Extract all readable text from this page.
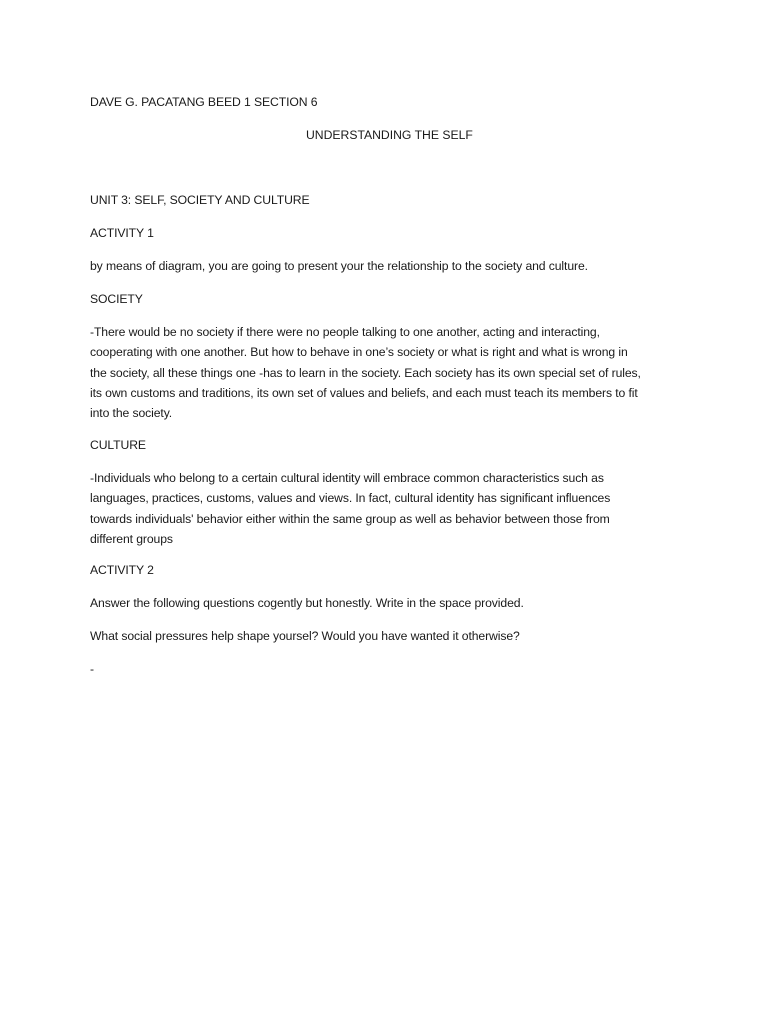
DAVE G. PACATANG BEED 1 SECTION 6
UNDERSTANDING THE SELF
UNIT 3: SELF, SOCIETY AND CULTURE
ACTIVITY 1
by means of diagram, you are going to present your the relationship to the society and culture.
SOCIETY
-There would be no society if there were no people talking to one another, acting and interacting,
cooperating with one another. But how to behave in one’s society or what is right and what is wrong in
the society, all these things one -has to learn in the society. Each society has its own special set of rules,
its own customs and traditions, its own set of values and beliefs, and each must teach its members to fit
into the society.
CULTURE
-Individuals who belong to a certain cultural identity will embrace common characteristics such as
languages, practices, customs, values and views. In fact, cultural identity has significant influences
towards individuals' behavior either within the same group as well as behavior between those from
different groups
ACTIVITY 2
Answer the following questions cogently but honestly. Write in the space provided.
What social pressures help shape yoursel? Would you have wanted it otherwise?
-
